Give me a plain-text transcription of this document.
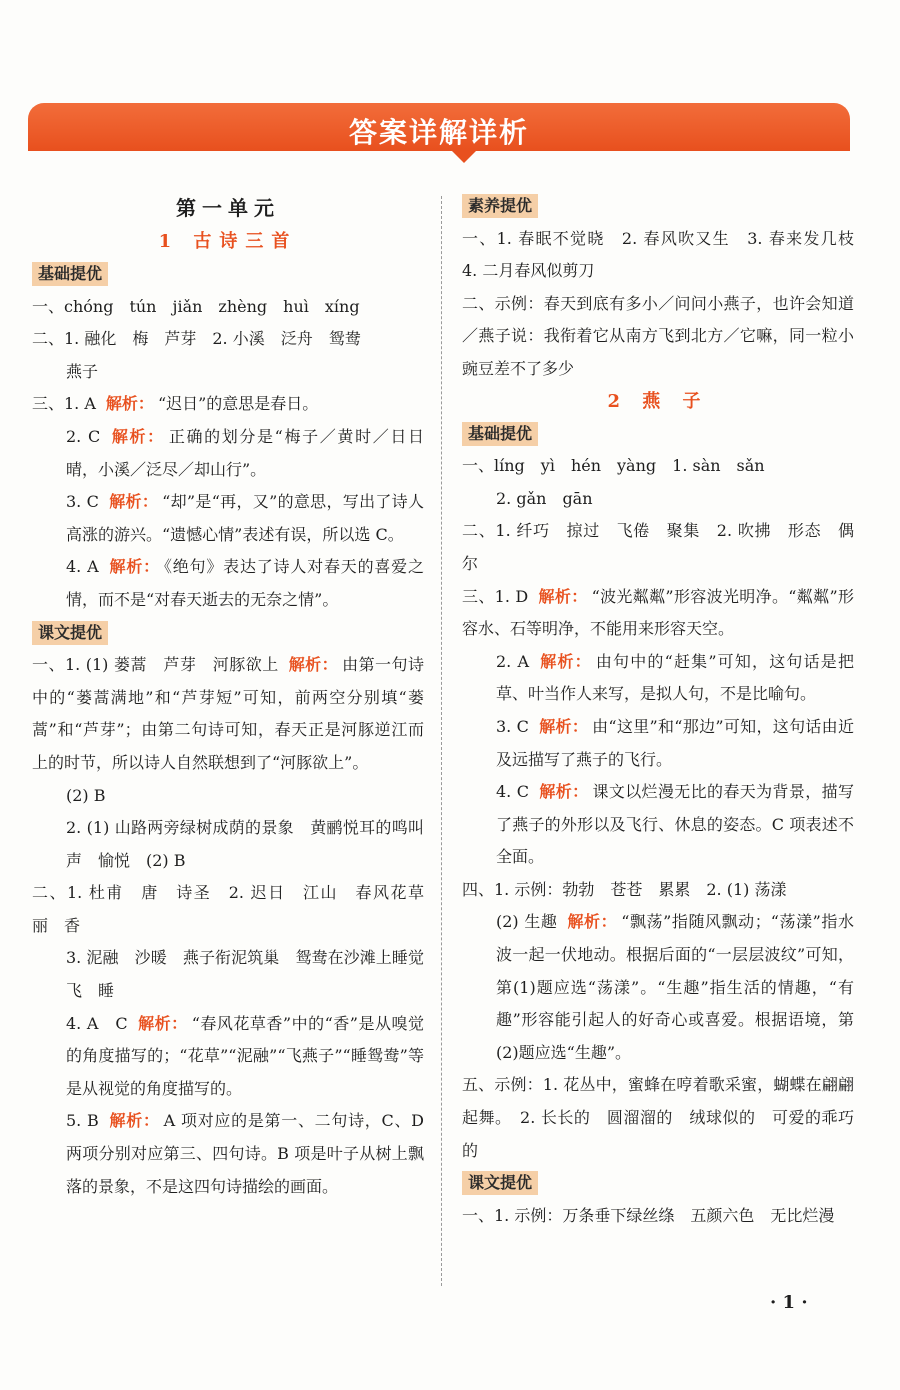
答案详解详析
第一单元
1 古诗三首
基础提优

一、chóng　tún　jiǎn　zhèng　huì　xíng

二、1. 融化　梅　芦芽　2. 小溪　泛舟　鸳鸯

燕子

三、1. A 解析： “迟日”的意思是春日。

2. C 解析： 正确的划分是“梅子／黄时／日日晴，小溪／泛尽／却山行”。

3. C 解析： “却”是“再，又”的意思，写出了诗人高涨的游兴。“遗憾心情”表述有误，所以选 C。

4. A 解析： 《绝句》表达了诗人对春天的喜爱之情，而不是“对春天逝去的无奈之情”。

课文提优

一、1. (1) 蒌蒿　芦芽　河豚欲上 解析： 由第一句诗中的“蒌蒿满地”和“芦芽短”可知，前两空分别填“蒌蒿”和“芦芽”；由第二句诗可知，春天正是河豚逆江而上的时节，所以诗人自然联想到了“河豚欲上”。

(2) B

2. (1) 山路两旁绿树成荫的景象　黄鹂悦耳的鸣叫声　愉悦　(2) B

二、1. 杜甫　唐　诗圣　2. 迟日　江山　春风花草　丽　香

3. 泥融　沙暖　燕子衔泥筑巢　鸳鸯在沙滩上睡觉　飞　睡

4. A　C 解析： “春风花草香”中的“香”是从嗅觉的角度描写的；“花草”“泥融”“飞燕子”“睡鸳鸯”等是从视觉的角度描写的。

5. B 解析： A 项对应的是第一、二句诗，C、D 两项分别对应第三、四句诗。B 项是叶子从树上飘落的景象，不是这四句诗描绘的画面。

素养提优

一、1. 春眠不觉晓　2. 春风吹又生　3. 春来发几枝　4. 二月春风似剪刀

二、示例：春天到底有多小／问问小燕子，也许会知道／燕子说：我衔着它从南方飞到北方／它嘛，同一粒小豌豆差不了多少

2 燕 子
基础提优

一、líng　yì　hén　yàng　1. sàn　sǎn

2. gǎn　gān

二、1. 纤巧　掠过　飞倦　聚集　2. 吹拂　形态　偶尔

三、1. D 解析： “波光粼粼”形容波光明净。“粼粼”形容水、石等明净，不能用来形容天空。

2. A 解析： 由句中的“赶集”可知，这句话是把草、叶当作人来写，是拟人句，不是比喻句。

3. C 解析： 由“这里”和“那边”可知，这句话由近及远描写了燕子的飞行。

4. C 解析： 课文以烂漫无比的春天为背景，描写了燕子的外形以及飞行、休息的姿态。C 项表述不全面。

四、1. 示例：勃勃　苍苍　累累　2. (1) 荡漾

(2) 生趣 解析： “飘荡”指随风飘动；“荡漾”指水波一起一伏地动。根据后面的“一层层波纹”可知，第(1)题应选“荡漾”。“生趣”指生活的情趣，“有趣”形容能引起人的好奇心或喜爱。根据语境，第(2)题应选“生趣”。

五、示例：1. 花丛中，蜜蜂在哼着歌采蜜，蝴蝶在翩翩起舞。　2. 长长的　圆溜溜的　绒球似的　可爱的乖巧的

课文提优

一、1. 示例：万条垂下绿丝绦　五颜六色　无比烂漫

· 1 ·
